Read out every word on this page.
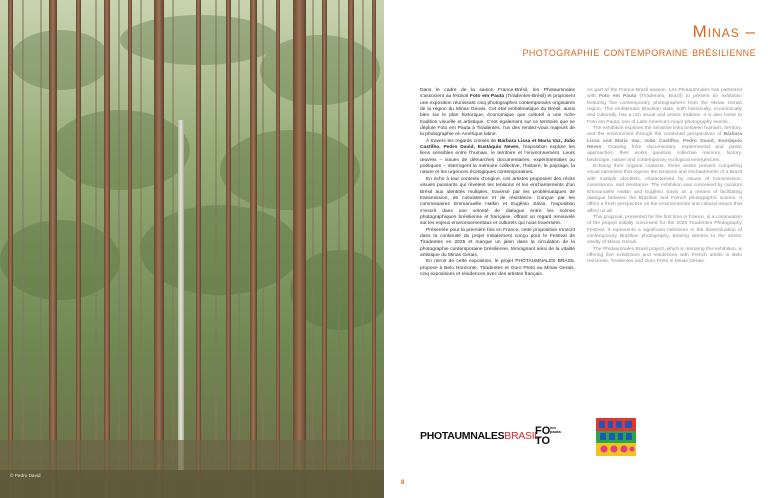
© Pedro David
Minas –
photographie contemporaine brésilienne

Dans le cadre de la saison France-Brésil, les Photaumnales s’associent au festival Foto em Pauta (Tiradentes-Brésil) et proposent une exposition réunissant cinq photographes contemporains originaires de la région du Minas Gerais. Cet état emblématique du Brésil, aussi bien sur le plan historique, économique que culturel a une riche tradition visuelle et artistique. C’est également sur ce territoire que se déploie Foto em Pauta à Tiradentes, l’un des rendez-vous majeurs de la photographie en Amérique latine.

À travers les regards croisés de Bárbara Lissa et Maria Vaz, João Castilho, Pedro David, Eustáquio Neves, l’exposition explore les liens sensibles entre l’humain, le territoire et l’environnement. Leurs œuvres – issues de démarches documentaires, expérimentales ou poétiques – interrogent la mémoire collective, l’histoire, le paysage, la nature et les urgences écologiques contemporaines.

En écho à leur contexte d’origine, ces artistes proposent des récits visuels puissants qui révèlent les tensions et les enchantements d’un Brésil aux identités multiples, traversé par les problématiques de transmission, de coexistence et de résistance. Conçue par les commissaires Emmanuelle Halkin et Eugênio Sávio, l’exposition s’inscrit dans une volonté de dialogue entre les scènes photographiques brésilienne et française, offrant un regard renouvelé sur les enjeux environnementaux et culturels qui nous traversent.

Présentée pour la première fois en France, cette proposition s’inscrit dans la continuité du projet initialement conçu pour le Festival de Tiradentes en 2025 et marque un jalon dans la circulation de la photographie contemporaine brésilienne, témoignant ainsi de la vitalité artistique du Minas Gerais.

En miroir de cette exposition, le projet PHOTAUMNALES BRASIL propose à Belo Horizonte, Tiradentes et Ouro Preto au Minas Gerais, cinq expositions et résidences avec des artistes français.

As part of the France-Brazil season, Les Photaumnales has partnered with Foto em Pauta (Tiradentes, Brazil) to present an exhibition featuring five contemporary photographers from the Minas Gerais region. This emblematic Brazilian state, both historically, economically and culturally, has a rich visual and artistic tradition. It is also home to Foto em Pauta, one of Latin America’s major photography events.

The exhibition explores the sensitive links between humans, territory, and the environment through the combined perspectives of Bárbara Lissa and Maria Vaz, João Castilho, Pedro David, Eustáquio Neves. Drawing from documentary, experimental and poetic approaches, their works question collective memory, history, landscape, nature and contemporary ecological emergencies.

Echoing their original contexts, these artists present compelling visual narratives that expose the tensions and enchantments of a Brazil with multiple identities, characterised by issues of transmission, coexistence, and resistance. The exhibition was conceived by curators Emmanuelle Halkin and Eugênio Sávio as a means of facilitating dialogue between the Brazilian and French photographic scenes. It offers a fresh perspective on the environmental and cultural issues that affect us all.

This proposal, presented for the first time in France, is a continuation of the project initially conceived for the 2025 Tiradentes Photography Festival. It represents a significant milestone in the dissemination of contemporary Brazilian photography, bearing witness to the artistic vitality of Minas Gerais.

The Photaumnales Brasil project, which is mirroring this exhibition, is offering five exhibitions and residences with French artists in Belo Horizonte, Tiradentes and Ouro Preto in Minas Gerais.

PHOTAUMNALESBRASIL
FO
TO
em pauta
8
